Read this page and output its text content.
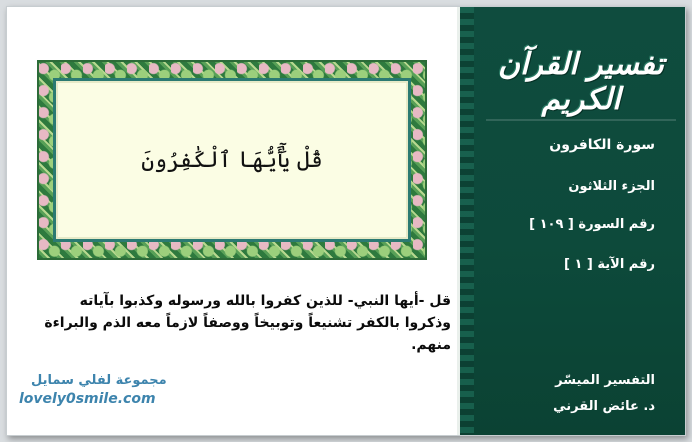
قُلْ يَٰٓأَيُّهَا ٱلْكَٰفِرُونَ
قل -أيها النبي- للذين كفروا بالله ورسوله وكذبوا بآياته وذكروا بالكفر تشنيعاً وتوبيخاً ووصفاً لازماً معه الذم والبراءة منهم.
مجموعة لفلي سمايل
lovely0smile.com
تفسير القرآن الكريم
سورة الكافرون
الجزء الثلاثون
رقم السورة [ ١٠٩ ]
رقم الآية [ ١ ]
التفسير الميسّر
د. عائض القرني
